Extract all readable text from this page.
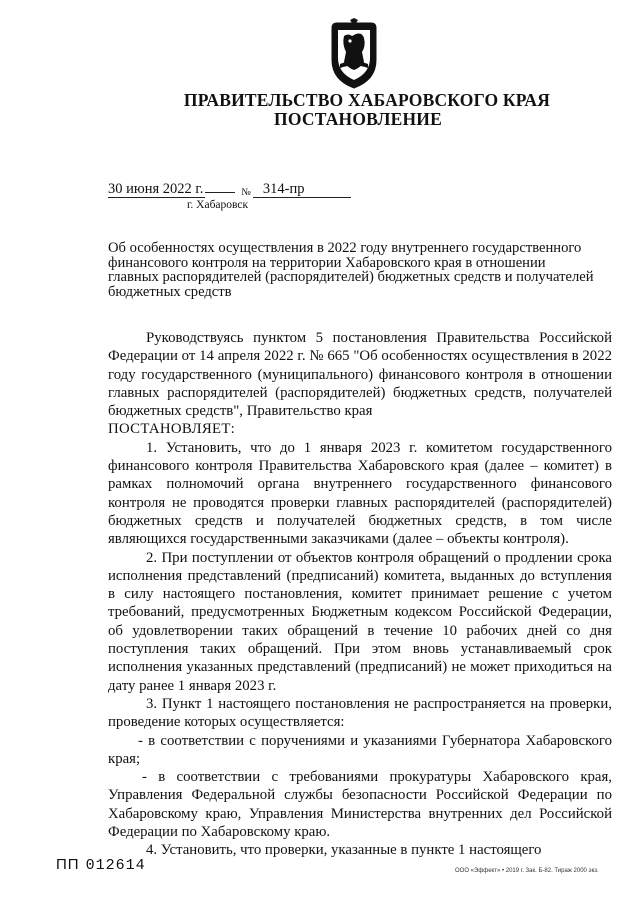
ПРАВИТЕЛЬСТВО ХАБАРОВСКОГО КРАЯ
ПОСТАНОВЛЕНИЕ
30 июня 2022 г.	№ 314-пр
г. Хабаровск
Об особенностях осуществления в 2022 году внутреннего государственного
финансового контроля на территории Хабаровского края в отношении
главных распорядителей (распорядителей) бюджетных средств и получателей
бюджетных средств

Руководствуясь пунктом 5 постановления Правительства Российской Федерации от 14 апреля 2022 г. № 665 "Об особенностях осуществления в 2022 году государственного (муниципального) финансового контроля в отношении главных распорядителей (распорядителей) бюджетных средств, получателей бюджетных средств", Правительство края

ПОСТАНОВЛЯЕТ:

1. Установить, что до 1 января 2023 г. комитетом государственного финансового контроля Правительства Хабаровского края (далее – комитет) в рамках полномочий органа внутреннего государственного финансового контроля не проводятся проверки главных распорядителей (распорядителей) бюджетных средств и получателей бюджетных средств, в том числе являющихся государственными заказчиками (далее – объекты контроля).

2. При поступлении от объектов контроля обращений о продлении срока исполнения представлений (предписаний) комитета, выданных до вступления в силу настоящего постановления, комитет принимает решение с учетом требований, предусмотренных Бюджетным кодексом Российской Федерации, об удовлетворении таких обращений в течение 10 рабочих дней со дня поступления таких обращений. При этом вновь устанавливаемый срок исполнения указанных представлений (предписаний) не может приходиться на дату ранее 1 января 2023 г.

3. Пункт 1 настоящего постановления не распространяется на проверки, проведение которых осуществляется:

- в соответствии с поручениями и указаниями Губернатора Хабаровского края;

- в соответствии с требованиями прокуратуры Хабаровского края, Управления Федеральной службы безопасности Российской Федерации по Хабаровскому краю, Управления Министерства внутренних дел Российской Федерации по Хабаровскому краю.

4. Установить, что проверки, указанные в пункте 1 настоящего

ПП 012614	ООО «Эффект» • 2019 г. Зак. Б-82. Тираж 2000 экз.
